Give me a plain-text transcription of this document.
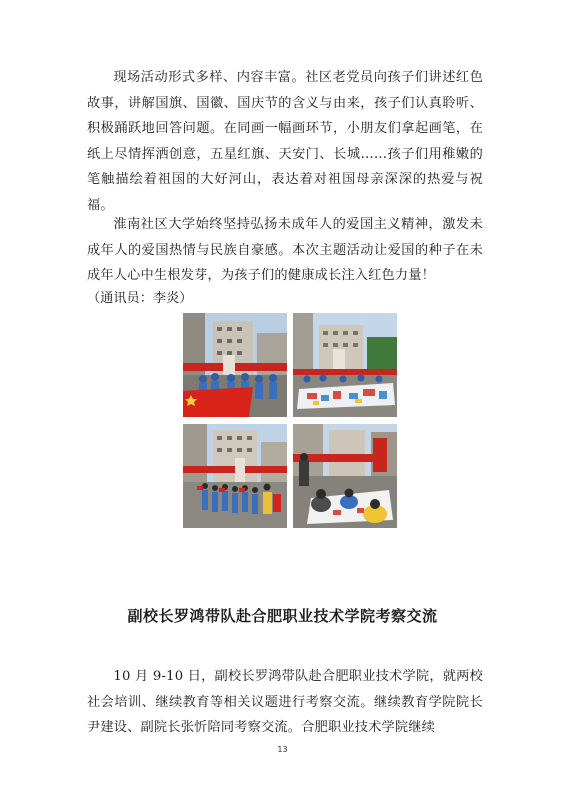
现场活动形式多样、内容丰富。社区老党员向孩子们讲述红色故事，讲解国旗、国徽、国庆节的含义与由来，孩子们认真聆听、积极踊跃地回答问题。在同画一幅画环节，小朋友们拿起画笔，在纸上尽情挥洒创意，五星红旗、天安门、长城……孩子们用稚嫩的笔触描绘着祖国的大好河山，表达着对祖国母亲深深的热爱与祝福。

淮南社区大学始终坚持弘扬未成年人的爱国主义精神，激发未成年人的爱国热情与民族自豪感。本次主题活动让爱国的种子在未成年人心中生根发芽，为孩子们的健康成长注入红色力量！

（通讯员：李炎）
副校长罗鸿带队赴合肥职业技术学院考察交流

10 月 9-10 日，副校长罗鸿带队赴合肥职业技术学院，就两校社会培训、继续教育等相关议题进行考察交流。继续教育学院院长尹建设、副院长张忻陪同考察交流。合肥职业技术学院继续

13
